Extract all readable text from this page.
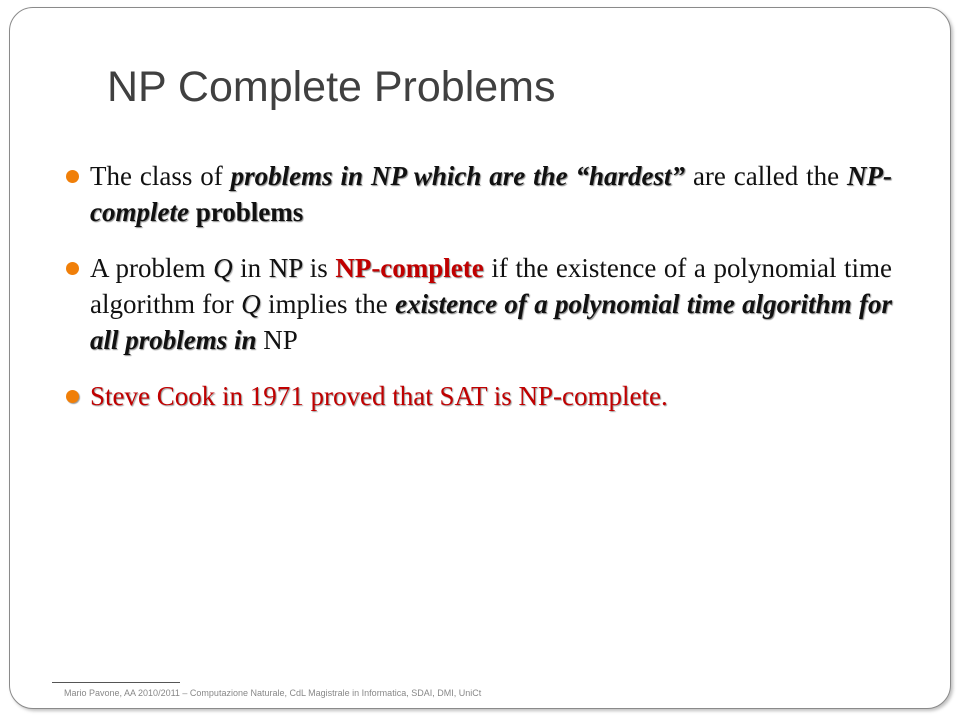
NP Complete Problems
The class of problems in NP which are the “hardest” are called the NP-complete problems
A problem Q in NP is NP-complete if the existence of a polynomial time algorithm for Q implies the existence of a polynomial time algorithm for all problems in NP
Steve Cook in 1971 proved that SAT is NP-complete.
Mario Pavone, AA 2010/2011 – Computazione Naturale, CdL Magistrale in Informatica, SDAI, DMI, UniCt
